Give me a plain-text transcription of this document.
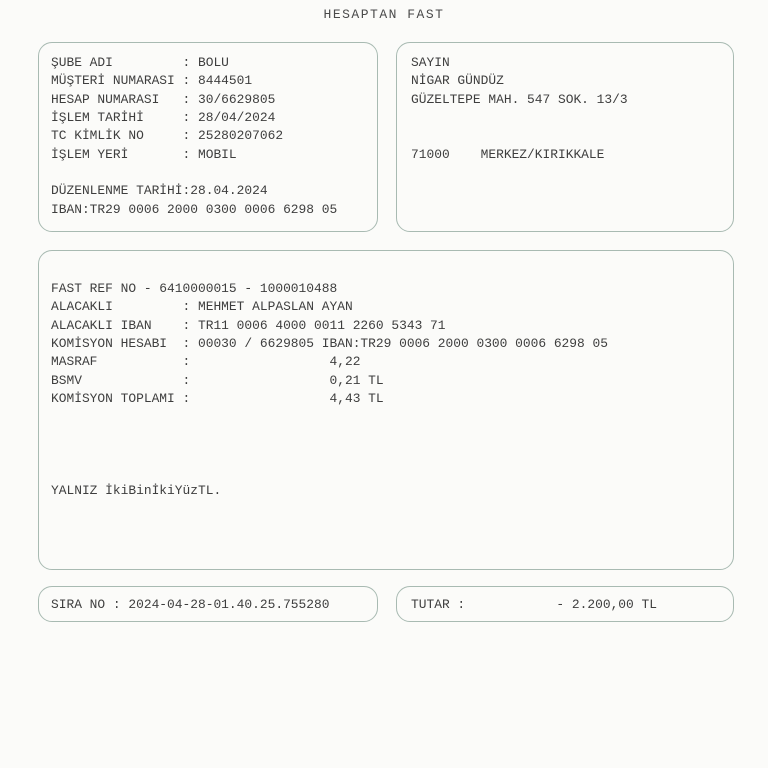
HESAPTAN FAST
ŞUBE ADI         : BOLU
MÜŞTERİ NUMARASI : 8444501
HESAP NUMARASI   : 30/6629805
İŞLEM TARİHİ     : 28/04/2024
TC KİMLİK NO     : 25280207062
İŞLEM YERİ       : MOBIL
DÜZENLENME TARİHİ:28.04.2024
IBAN:TR29 0006 2000 0300 0006 6298 05
SAYIN
NİGAR GÜNDÜZ
GÜZELTEPE MAH. 547 SOK. 13/3
71000    MERKEZ/KIRIKKALE
FAST REF NO - 6410000015 - 1000010488
ALACAKLI         : MEHMET ALPASLAN AYAN
ALACAKLI IBAN    : TR11 0006 4000 0011 2260 5343 71
KOMİSYON HESABI  : 00030 / 6629805 IBAN:TR29 0006 2000 0300 0006 6298 05
MASRAF           :                  4,22
BSMV             :                  0,21 TL
KOMİSYON TOPLAMI :                  4,43 TL
YALNIZ İkiBinİkiYüzTL.
SIRA NO : 2024-04-28-01.40.25.755280	TUTAR :	- 2.200,00 TL
